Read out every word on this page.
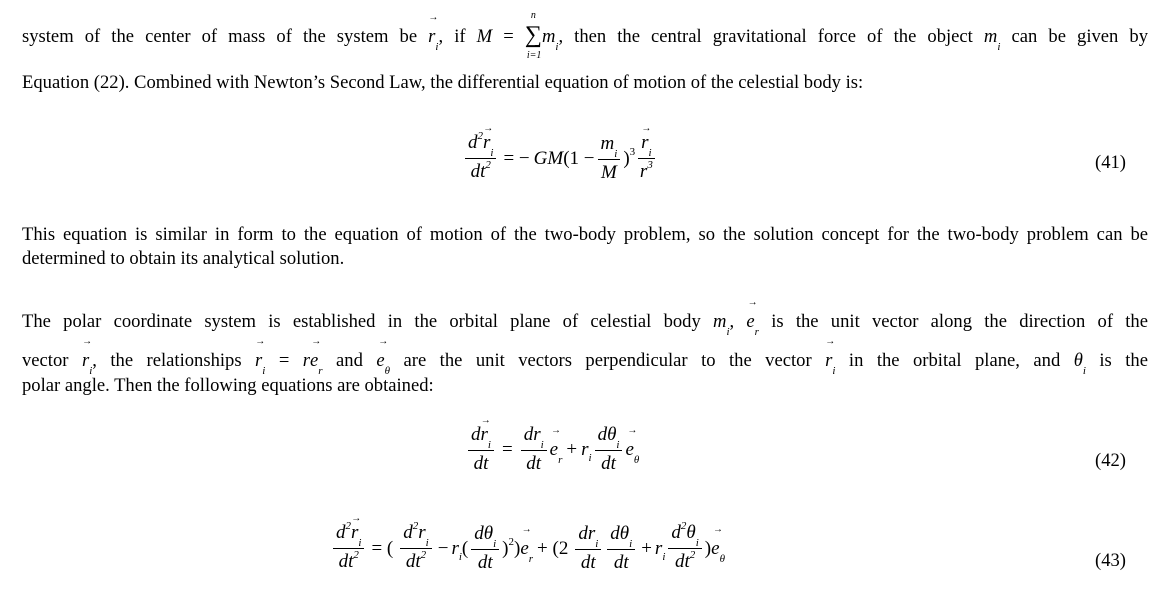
system of the center of mass of the system be → $r_i$, if M = ∑
n
i=1
$m_i$, then the central gravitational force of the object $m_i$ can be given by
Equation (22). Combined with Newton’s Second Law, the differential equation of motion of the celestial body is:
$\frac{d^2\to r_i}{dt^2}$ = − GM $(1 - \frac{m_i}{M} )^3$
→ $\frac{r_i}{r^3}$	(41)
This equation is similar in form to the equation of motion of the two-body problem, so the solution concept for the two-body problem can be determined to obtain its analytical solution.
The polar coordinate system is established in the orbital plane of celestial body $m_i$, → $e_r$ is the unit vector along the direction of the
vector → $r_i$, the relationships → $r_i = r\to e_r$ and → $e_\theta$ are the unit vectors perpendicular to the vector → $r_i$ in the orbital plane, and $\theta_i$ is the
polar angle. Then the following equations are obtained:
$\frac{d\to r_i}{dt} = \frac{dr_i}{dt}$
→ $e_r + r$ i $\frac{d\theta_i}{dt}$
→ $e_\theta$	(42)
$\frac{d^2\to r_i}{dt^2}$ = ( $\frac{d^2r_i}{dt^2} - r$ i ( $\frac{d\theta_i}{dt} )^2$)
→ $e_r + (2 \frac{dr_i}{dt} \frac{d\theta_i}{dt} + r$ i $\frac{d^2\theta_i}{dt^2}$ )
→ $e_\theta$	(43)
